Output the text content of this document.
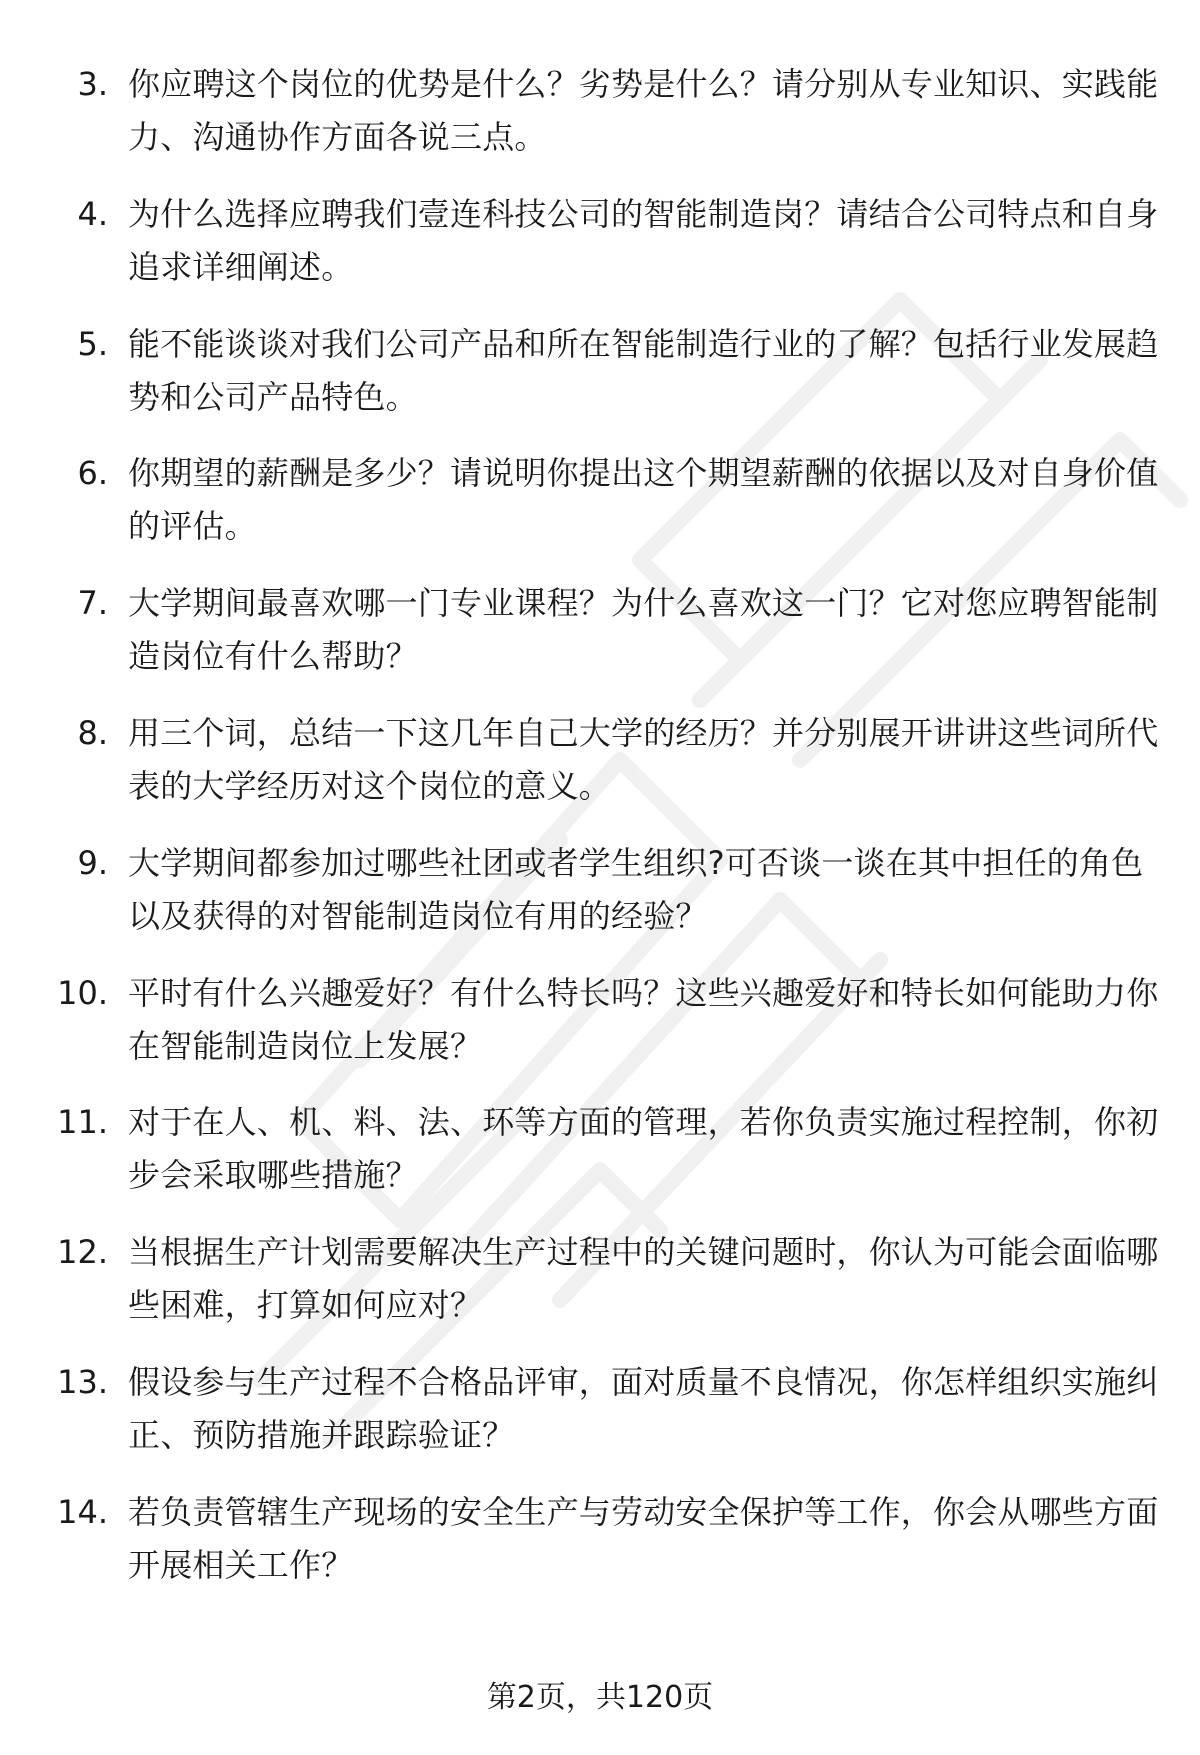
3. 你应聘这个岗位的优势是什么？劣势是什么？请分别从专业知识、实践能力、沟通协作方面各说三点。
4. 为什么选择应聘我们壹连科技公司的智能制造岗？请结合公司特点和自身追求详细阐述。
5. 能不能谈谈对我们公司产品和所在智能制造行业的了解？包括行业发展趋势和公司产品特色。
6. 你期望的薪酬是多少？请说明你提出这个期望薪酬的依据以及对自身价值的评估。
7. 大学期间最喜欢哪一门专业课程？为什么喜欢这一门？它对您应聘智能制造岗位有什么帮助？
8. 用三个词，总结一下这几年自己大学的经历？并分别展开讲讲这些词所代表的大学经历对这个岗位的意义。
9. 大学期间都参加过哪些社团或者学生组织?可否谈一谈在其中担任的角色以及获得的对智能制造岗位有用的经验？
10. 平时有什么兴趣爱好？有什么特长吗？这些兴趣爱好和特长如何能助力你在智能制造岗位上发展？
11. 对于在人、机、料、法、环等方面的管理，若你负责实施过程控制，你初步会采取哪些措施？
12. 当根据生产计划需要解决生产过程中的关键问题时，你认为可能会面临哪些困难，打算如何应对？
13. 假设参与生产过程不合格品评审，面对质量不良情况，你怎样组织实施纠正、预防措施并跟踪验证？
14. 若负责管辖生产现场的安全生产与劳动安全保护等工作，你会从哪些方面开展相关工作？
第2页，共120页
